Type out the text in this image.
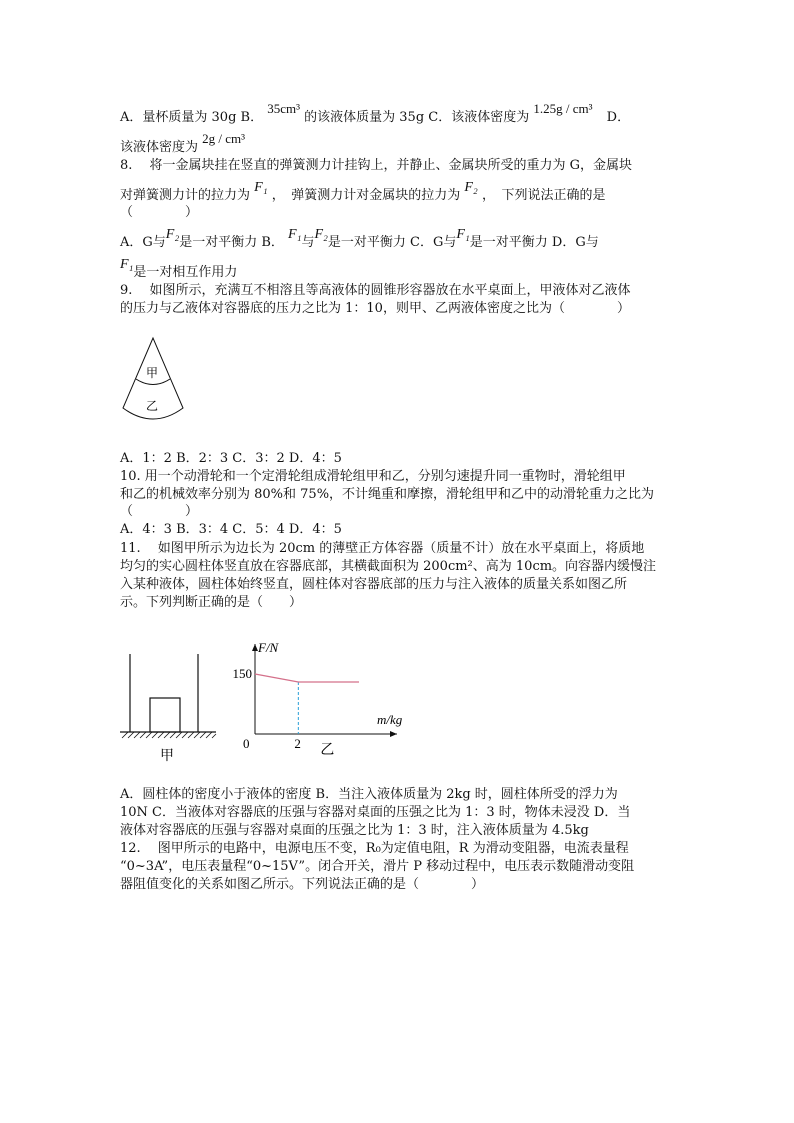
A．量杯质量为 30g B． 35cm³ 的该液体质量为 35g C．该液体密度为 1.25g / cm³ D．
该液体密度为 2g / cm³
8.　 将一金属块挂在竖直的弹簧测力计挂钩上，并静止、金属块所受的重力为 G，金属块
对弹簧测力计的拉力为 F₁ ，　弹簧测力计对金属块的拉力为 F₂ ，　下列说法正确的是
（　　　　）
A．G与F₂是一对平衡力 B． F₁与F₂是一对平衡力 C．G与F₁是一对平衡力 D．G与
F₁是一对相互作用力
9.　 如图所示，充满互不相溶且等高液体的圆锥形容器放在水平桌面上，甲液体对乙液体
的压力与乙液体对容器底的压力之比为 1：10，则甲、乙两液体密度之比为（　　　　）
甲
乙
A．1：2 B．2：3 C．3：2 D．4：5
10. 用一个动滑轮和一个定滑轮组成滑轮组甲和乙，分别匀速提升同一重物时，滑轮组甲
和乙的机械效率分别为 80%和 75%，不计绳重和摩擦，滑轮组甲和乙中的动滑轮重力之比为
（　　　　）
A．4：3 B．3：4 C．5：4 D．4：5
11.　 如图甲所示为边长为 20cm 的薄壁正方体容器（质量不计）放在水平桌面上，将质地
均匀的实心圆柱体竖直放在容器底部，其横截面积为 200cm²、高为 10cm。向容器内缓慢注
入某种液体，圆柱体始终竖直，圆柱体对容器底部的压力与注入液体的质量关系如图乙所
示。下列判断正确的是（　　）
甲
F/N
m/kg
150
0	2 乙
A．圆柱体的密度小于液体的密度 B．当注入液体质量为 2kg 时，圆柱体所受的浮力为
10N C．当液体对容器底的压强与容器对桌面的压强之比为 1：3 时，物体未浸没 D．当
液体对容器底的压强与容器对桌面的压强之比为 1：3 时，注入液体质量为 4.5kg
12.　 图甲所示的电路中，电源电压不变，R₀为定值电阻，R 为滑动变阻器，电流表量程
“0~3A”，电压表量程“0~15V”。闭合开关，滑片 P 移动过程中，电压表示数随滑动变阻
器阻值变化的关系如图乙所示。下列说法正确的是（　　　　）
